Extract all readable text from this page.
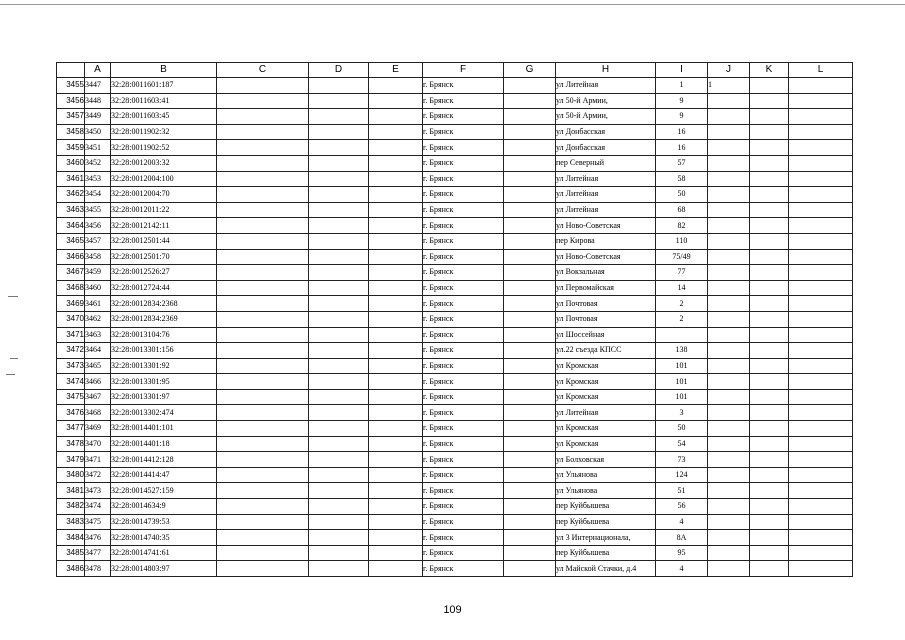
	A	B	C	D	E	F	G	H	I	J	K	L
3455	3447	32:28:0011601:187				г. Брянск		ул Литейная	1	1		
3456	3448	32:28:0011603:41				г. Брянск		ул 50-й Армии,	9			
3457	3449	32:28:0011603:45				г. Брянск		ул 50-й Армии,	9			
3458	3450	32:28:0011902:32				г. Брянск		ул Донбасская	16			
3459	3451	32:28:0011902:52				г. Брянск		ул Донбасская	16			
3460	3452	32:28:0012003:32				г. Брянск		пер Северный	57			
3461	3453	32:28:0012004:100				г. Брянск		ул Литейная	58			
3462	3454	32:28:0012004:70				г. Брянск		ул Литейная	50			
3463	3455	32:28:0012011:22				г. Брянск		ул Литейная	68			
3464	3456	32:28:0012142:11				г. Брянск		ул Ново-Советская	82			
3465	3457	32:28:0012501:44				г. Брянск		пер Кирова	110			
3466	3458	32:28:0012501:70				г. Брянск		ул Ново-Советская	75/49			
3467	3459	32:28:0012526:27				г. Брянск		ул Вокзальная	77			
3468	3460	32:28:0012724:44				г. Брянск		ул Первомайская	14			
3469	3461	32:28:0012834:2368				г. Брянск		ул Почтовая	2			
3470	3462	32:28:0012834:2369				г. Брянск		ул Почтовая	2			
3471	3463	32:28:0013104:76				г. Брянск		ул Шоссейная				
3472	3464	32:28:0013301:156				г. Брянск		ул.22 съезда КПСС	138			
3473	3465	32:28:0013301:92				г. Брянск		ул Кромская	101			
3474	3466	32:28:0013301:95				г. Брянск		ул Кромская	101			
3475	3467	32:28:0013301:97				г. Брянск		ул Кромская	101			
3476	3468	32:28:0013302:474				г. Брянск		ул Литейная	3			
3477	3469	32:28:0014401:101				г. Брянск		ул Кромская	50			
3478	3470	32:28:0014401:18				г. Брянск		ул Кромская	54			
3479	3471	32:28:0014412:128				г. Брянск		ул Болховская	73			
3480	3472	32:28:0014414:47				г. Брянск		ул Ульянова	124			
3481	3473	32:28:0014527:159				г. Брянск		ул Ульянова	51			
3482	3474	32:28:0014634:9				г. Брянск		пер Куйбышева	56			
3483	3475	32:28:0014739:53				г. Брянск		пер Куйбышева	4			
3484	3476	32:28:0014740:35				г. Брянск		ул 3 Интернационала,	8А			
3485	3477	32:28:0014741:61				г. Брянск		пер Куйбышева	95			
3486	3478	32:28:0014803:97				г. Брянск		ул Майской Стачки, д.4	4			
109
